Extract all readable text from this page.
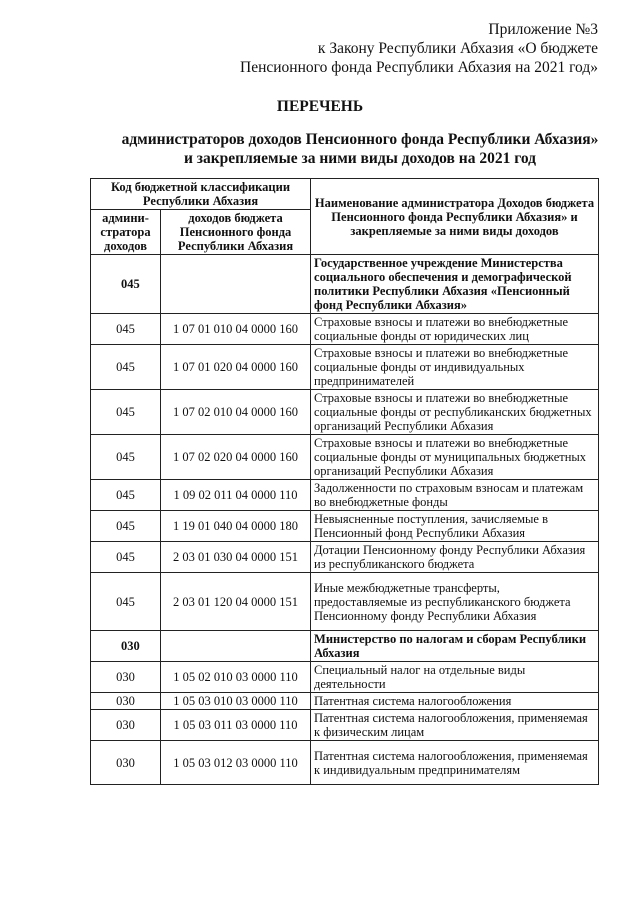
Приложение №3
к Закону Республики Абхазия «О бюджете
Пенсионного фонда Республики Абхазия на 2021 год»
ПЕРЕЧЕНЬ
администраторов доходов Пенсионного фонда Республики Абхазия»
и закрепляемые за ними виды доходов на 2021 год
Код бюджетной классификации Республики Абхазия		Наименование администратора Доходов бюджета Пенсионного фонда Республики Абхазия» и закрепляемые за ними виды доходов
админи-стратора доходов	доходов бюджета Пенсионного фонда Республики Абхазия	
045		Государственное учреждение Министерства социального обеспечения и демографической политики Республики Абхазия «Пенсионный фонд Республики Абхазия»
045	1 07 01 010 04 0000 160	Страховые взносы и платежи во внебюджетные социальные фонды от юридических лиц
045	1 07 01 020 04 0000 160	Страховые взносы и платежи во внебюджетные социальные фонды от индивидуальных предпринимателей
045	1 07 02 010 04 0000 160	Страховые взносы и платежи во внебюджетные социальные фонды от республиканских бюджетных организаций Республики Абхазия
045	1 07 02 020 04 0000 160	Страховые взносы и платежи во внебюджетные социальные фонды от муниципальных бюджетных организаций Республики Абхазия
045	1 09 02 011 04 0000 110	Задолженности по страховым взносам и платежам во внебюджетные фонды
045	1 19 01 040 04 0000 180	Невыясненные поступления, зачисляемые в Пенсионный фонд Республики Абхазия
045	2 03 01 030 04 0000 151	Дотации Пенсионному фонду Республики Абхазия из республиканского бюджета
045	2 03 01 120 04 0000 151	Иные межбюджетные трансферты, предоставляемые из республиканского бюджета Пенсионному фонду Республики Абхазия
030		Министерство по налогам и сборам Республики Абхазия
030	1 05 02 010 03 0000 110	Специальный налог на отдельные виды деятельности
030	1 05 03 010 03 0000 110	Патентная система налогообложения
030	1 05 03 011 03 0000 110	Патентная система налогообложения, применяемая к физическим лицам
030	1 05 03 012 03 0000 110	Патентная система налогообложения, применяемая к индивидуальным предпринимателям
